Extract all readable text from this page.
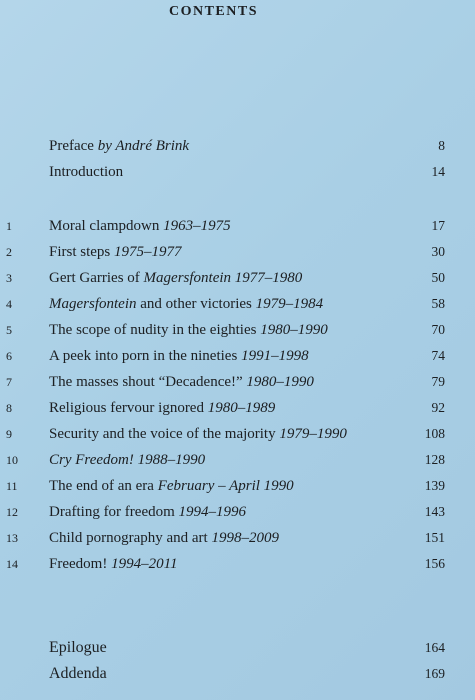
CONTENTS
Preface by André Brink	8
Introduction	14
1	Moral clampdown 1963–1975	17
2	First steps 1975–1977	30
3	Gert Garries of Magersfontein 1977–1980	50
4	Magersfontein and other victories 1979–1984	58
5	The scope of nudity in the eighties 1980–1990	70
6	A peek into porn in the nineties 1991–1998	74
7	The masses shout “Decadence!” 1980–1990	79
8	Religious fervour ignored 1980–1989	92
9	Security and the voice of the majority 1979–1990	108
10	Cry Freedom! 1988–1990	128
11	The end of an era February – April 1990	139
12	Drafting for freedom 1994–1996	143
13	Child pornography and art 1998–2009	151
14	Freedom! 1994–2011	156
Epilogue	164
Addenda	169
